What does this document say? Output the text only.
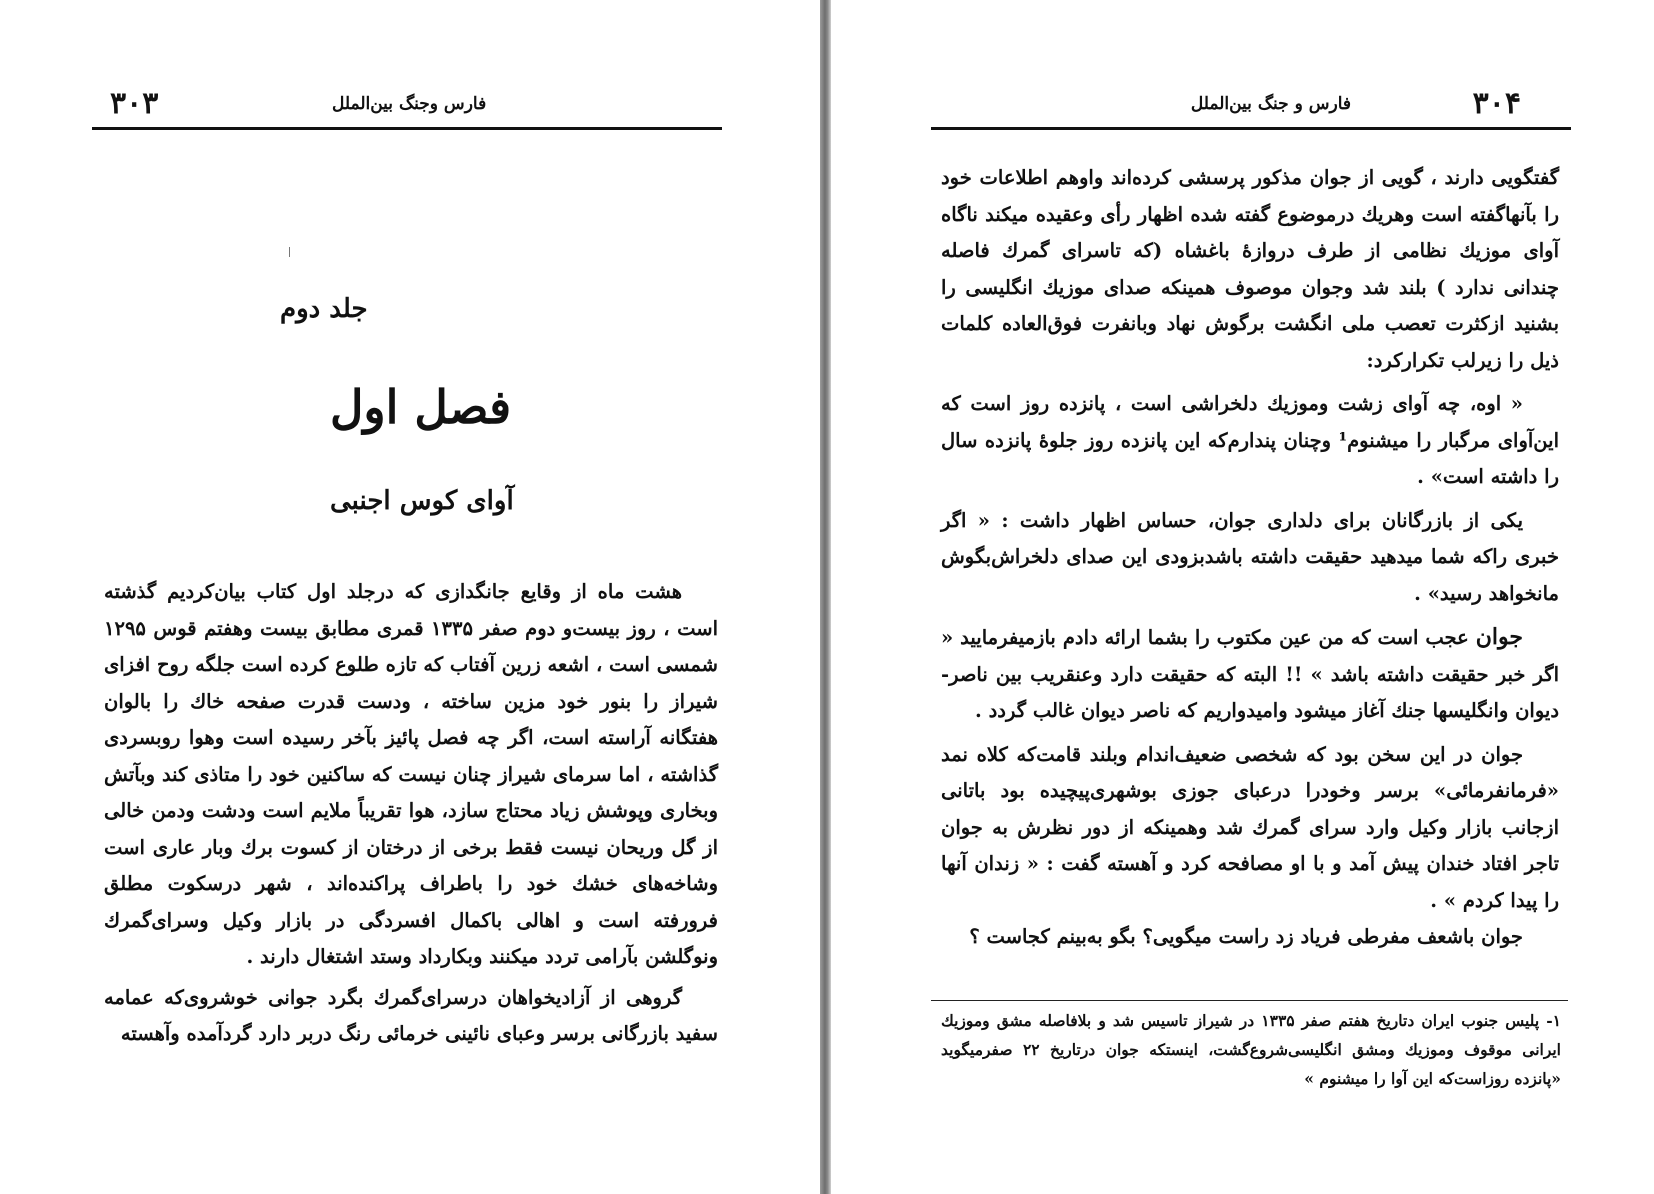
۳۰۳	فارس وجنگ بین‌الملل
جلد دوم
فصل اول
آوای کوس اجنبی

هشت ماه از وقایع جانگدازی که درجلد اول کتاب بیان‌کردیم گذشته است ، روز بیست‌و دوم صفر ۱۳۳۵ قمری مطابق بیست وهفتم قوس ۱۲۹۵ شمسی است ، اشعه زرین آفتاب که تازه طلوع کرده است جلگه روح افزای شیراز را بنور خود مزین ساخته ، ودست قدرت صفحه خاك را بالوان هفتگانه آراسته است، اگر چه فصل پائیز بآخر رسیده است وهوا روبسردی گذاشته ، اما سرمای شیراز چنان نیست که ساکنین خود را متاذی کند وبآتش وبخاری وپوشش زیاد محتاج سازد، هوا تقریباً ملایم است ودشت ودمن خالی از گل وریحان نیست فقط برخی از درختان از کسوت برك وبار عاری است وشاخه‌های خشك خود را باطراف پراکنده‌اند ، شهر درسکوت مطلق فرورفته است و اهالی باکمال افسردگی در بازار وکیل وسرای‌گمرك ونوگلشن بآرامی تردد میکنند وبکارداد وستد اشتغال دارند .

گروهی از آزادیخواهان درسرای‌گمرك بگرد جوانی خوشروی‌که عمامه سفید بازرگانی برسر وعبای نائینی خرمائی رنگ دربر دارد گردآمده وآهسته

۳۰۴
فارس و جنگ بین‌الملل

گفتگویی دارند ، گویی از جوان مذکور پرسشی کرده‌اند واوهم اطلاعات خود را بآنهاگفته است وهریك درموضوع گفته شده اظهار رأی وعقیده میکند ناگاه آوای موزیك نظامی از طرف دروازهٔ باغشاه (که تاسرای گمرك فاصله چندانی ندارد ) بلند شد وجوان موصوف همینکه صدای موزیك انگلیسی را بشنید ازکثرت تعصب ملی انگشت برگوش نهاد وبانفرت فوق‌العاده کلمات ذیل را زیرلب تکرارکرد:

« اوه، چه آوای زشت وموزیك دلخراشی است ، پانزده روز است که این‌آوای مرگبار را میشنوم¹ وچنان پندارم‌که این پانزده روز جلوهٔ پانزده سال را داشته است» .

یکی از بازرگانان برای دلداری جوان، حساس اظهار داشت : « اگر خبری راکه شما میدهید حقیقت داشته باشدبزودی این صدای دلخراش‌بگوش مانخواهد رسید» .

جوان عجب است که من عین مکتوب را بشما ارائه دادم بازمیفرمایید « اگر خبر حقیقت داشته باشد » !! البته که حقیقت دارد وعنقریب بین ناصر- دیوان وانگلیسها جنك آغاز میشود وامیدواریم که ناصر دیوان غالب گردد .

جوان در این سخن بود که شخصی ضعیف‌اندام وبلند قامت‌که کلاه نمد «فرمانفرمائی» برسر وخودرا درعبای جوزی بوشهری‌پیچیده بود باتانی ازجانب بازار وکیل وارد سرای گمرك شد وهمینکه از دور نظرش به جوان تاجر افتاد خندان پیش آمد و با او مصافحه کرد و آهسته گفت : « زندان آنها را پیدا کردم » .

جوان باشعف مفرطی فریاد زد راست میگویی؟ بگو به‌بینم کجاست ؟

۱- پلیس جنوب ایران دتاریخ هفتم صفر ۱۳۳۵ در شیراز تاسیس شد و بلافاصله مشق وموزیك ایرانی موقوف وموزیك ومشق انگلیسی‌شروع‌گشت، اینستکه جوان درتاریخ ۲۲ صفرمیگوید «پانزده روزاست‌که این آوا را میشنوم »
